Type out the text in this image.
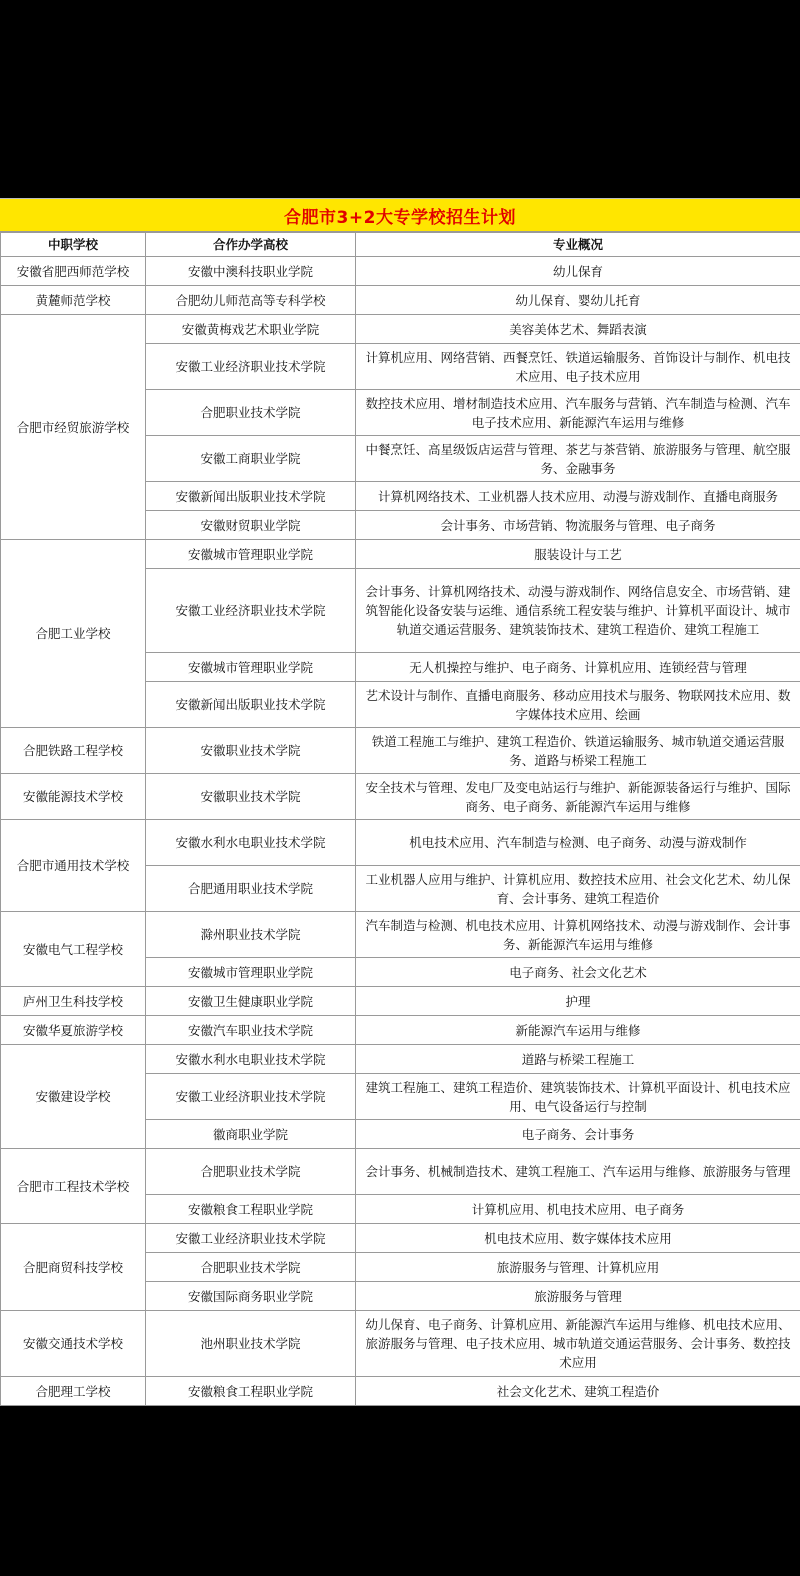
合肥市3+2大专学校招生计划
中职学校	合作办学高校	专业概况
安徽省肥西师范学校	安徽中澳科技职业学院	幼儿保育
黄麓师范学校	合肥幼儿师范高等专科学校	幼儿保育、婴幼儿托育
合肥市经贸旅游学校	安徽黄梅戏艺术职业学院	美容美体艺术、舞蹈表演
	安徽工业经济职业技术学院	计算机应用、网络营销、西餐烹饪、铁道运输服务、首饰设计与制作、机电技术应用、电子技术应用
	合肥职业技术学院	数控技术应用、增材制造技术应用、汽车服务与营销、汽车制造与检测、汽车电子技术应用、新能源汽车运用与维修
	安徽工商职业学院	中餐烹饪、高星级饭店运营与管理、茶艺与茶营销、旅游服务与管理、航空服务、金融事务
	安徽新闻出版职业技术学院	计算机网络技术、工业机器人技术应用、动漫与游戏制作、直播电商服务
	安徽财贸职业学院	会计事务、市场营销、物流服务与管理、电子商务
合肥工业学校	安徽城市管理职业学院	服装设计与工艺
	安徽工业经济职业技术学院	会计事务、计算机网络技术、动漫与游戏制作、网络信息安全、市场营销、建筑智能化设备安装与运维、通信系统工程安装与维护、计算机平面设计、城市轨道交通运营服务、建筑装饰技术、建筑工程造价、建筑工程施工
	安徽城市管理职业学院	无人机操控与维护、电子商务、计算机应用、连锁经营与管理
	安徽新闻出版职业技术学院	艺术设计与制作、直播电商服务、移动应用技术与服务、物联网技术应用、数字媒体技术应用、绘画
合肥铁路工程学校	安徽职业技术学院	铁道工程施工与维护、建筑工程造价、铁道运输服务、城市轨道交通运营服务、道路与桥梁工程施工
安徽能源技术学校	安徽职业技术学院	安全技术与管理、发电厂及变电站运行与维护、新能源装备运行与维护、国际商务、电子商务、新能源汽车运用与维修
合肥市通用技术学校	安徽水利水电职业技术学院	机电技术应用、汽车制造与检测、电子商务、动漫与游戏制作
	合肥通用职业技术学院	工业机器人应用与维护、计算机应用、数控技术应用、社会文化艺术、幼儿保育、会计事务、建筑工程造价
安徽电气工程学校	滁州职业技术学院	汽车制造与检测、机电技术应用、计算机网络技术、动漫与游戏制作、会计事务、新能源汽车运用与维修
	安徽城市管理职业学院	电子商务、社会文化艺术
庐州卫生科技学校	安徽卫生健康职业学院	护理
安徽华夏旅游学校	安徽汽车职业技术学院	新能源汽车运用与维修
安徽建设学校	安徽水利水电职业技术学院	道路与桥梁工程施工
	安徽工业经济职业技术学院	建筑工程施工、建筑工程造价、建筑装饰技术、计算机平面设计、机电技术应用、电气设备运行与控制
	徽商职业学院	电子商务、会计事务
合肥市工程技术学校	合肥职业技术学院	会计事务、机械制造技术、建筑工程施工、汽车运用与维修、旅游服务与管理
	安徽粮食工程职业学院	计算机应用、机电技术应用、电子商务
合肥商贸科技学校	安徽工业经济职业技术学院	机电技术应用、数字媒体技术应用
	合肥职业技术学院	旅游服务与管理、计算机应用
	安徽国际商务职业学院	旅游服务与管理
安徽交通技术学校	池州职业技术学院	幼儿保育、电子商务、计算机应用、新能源汽车运用与维修、机电技术应用、旅游服务与管理、电子技术应用、城市轨道交通运营服务、会计事务、数控技术应用
合肥理工学校	安徽粮食工程职业学院	社会文化艺术、建筑工程造价
